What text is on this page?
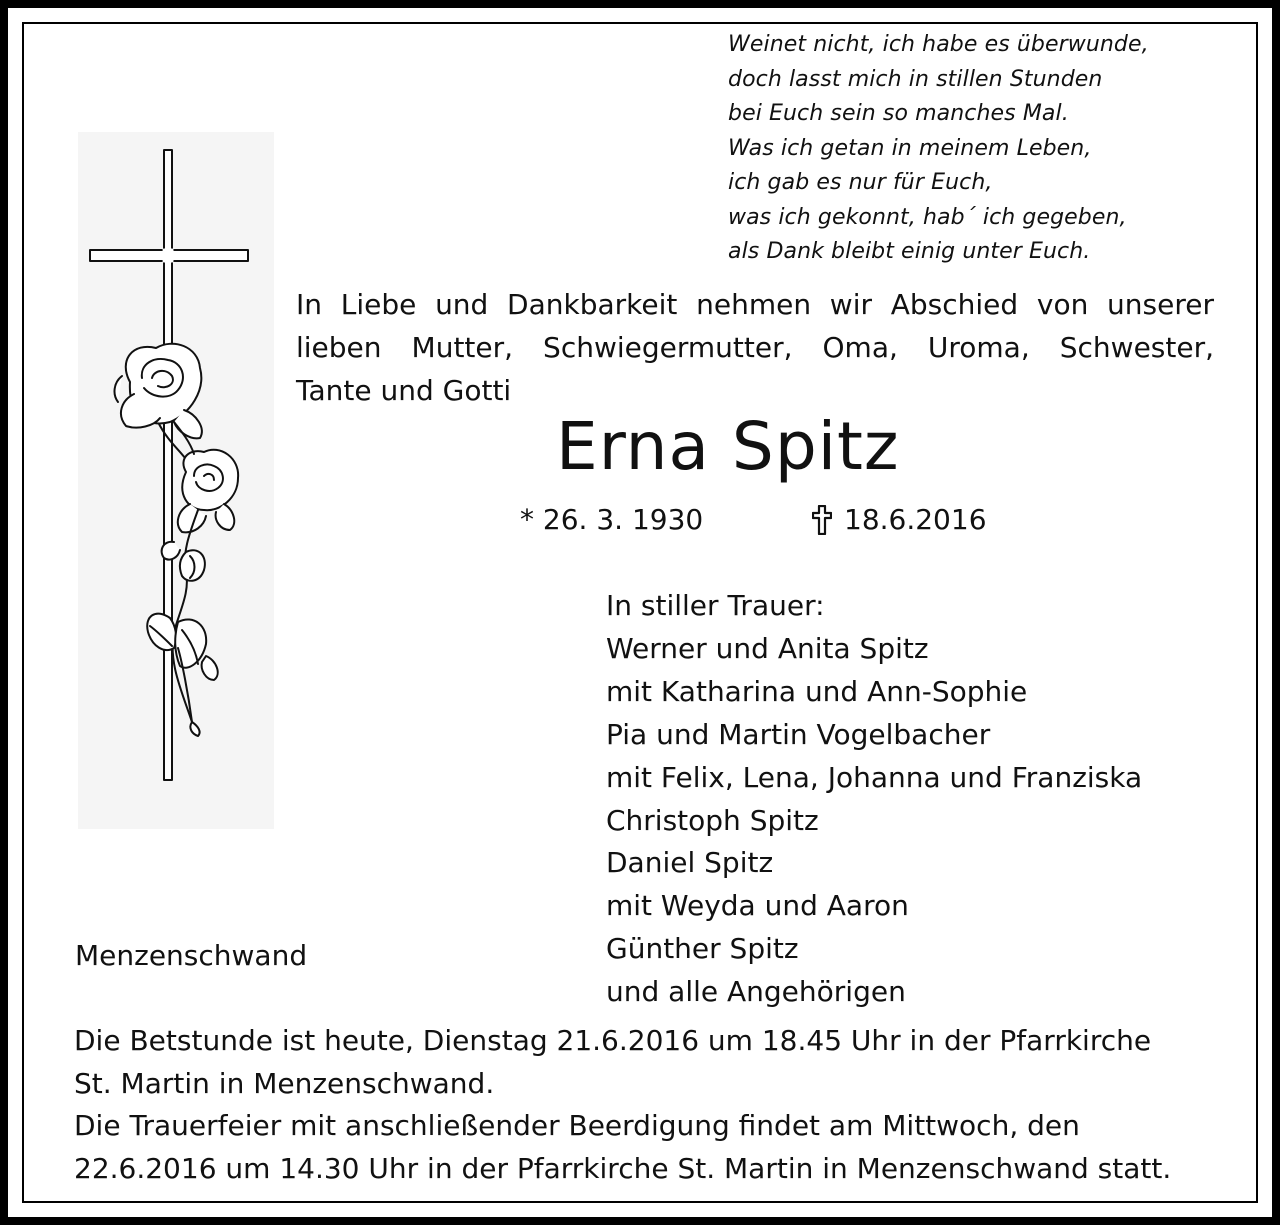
Weinet nicht, ich habe es überwunde,
doch lasst mich in stillen Stunden
bei Euch sein so manches Mal.
Was ich getan in meinem Leben,
ich gab es nur für Euch,
was ich gekonnt, hab´ ich gegeben,
als Dank bleibt einig unter Euch.
In Liebe und Dankbarkeit nehmen wir Abschied von unserer
lieben Mutter, Schwiegermutter, Oma, Uroma, Schwester,
Tante und Gotti
Erna Spitz
* 26. 3. 1930	18.6.2016
In stiller Trauer:
Werner und Anita Spitz
mit Katharina und Ann-Sophie
Pia und Martin Vogelbacher
mit Felix, Lena, Johanna und Franziska
Christoph Spitz
Daniel Spitz
mit Weyda und Aaron
Günther Spitz
und alle Angehörigen
Menzenschwand
Die Betstunde ist heute, Dienstag 21.6.2016 um 18.45 Uhr in der Pfarrkirche
St. Martin in Menzenschwand.
Die Trauerfeier mit anschließender Beerdigung findet am Mittwoch, den
22.6.2016 um 14.30 Uhr in der Pfarrkirche St. Martin in Menzenschwand statt.
